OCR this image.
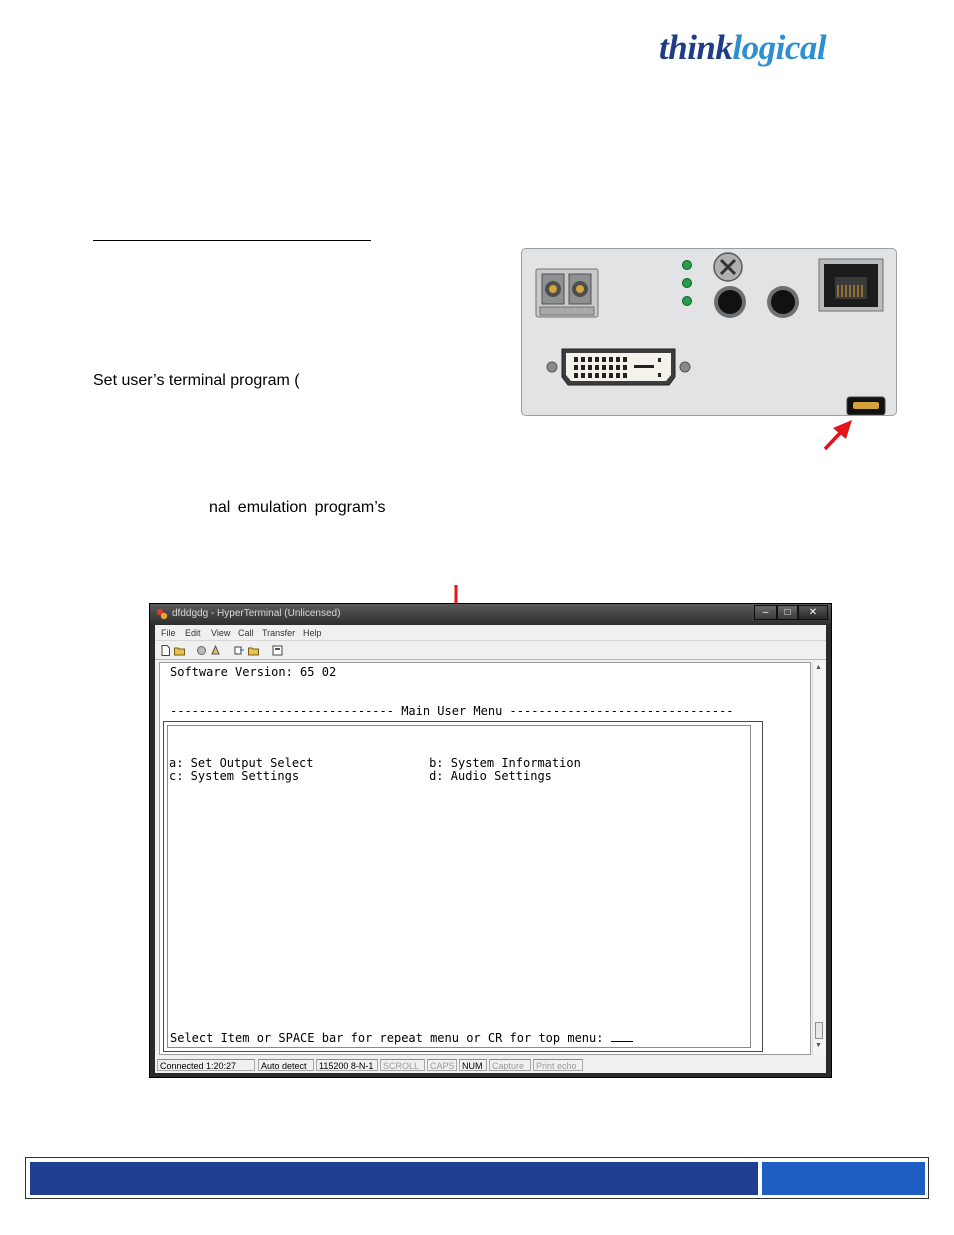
thinklogical
Set user’s terminal program (
nal emulation program’s
dfddgdg - HyperTerminal (Unlicensed)	–	□	✕
File Edit View Call Transfer Help
Software Version: 65 02
------------------------------- Main User Menu -------------------------------
a: Set Output Select                b: System Information
c: System Settings                  d: Audio Settings
Select Item or SPACE bar for repeat menu or CR for top menu:
▲
▼
Connected 1:20:27	Auto detect	115200 8-N-1	SCROLL	CAPS NUM	Capture	Print echo
